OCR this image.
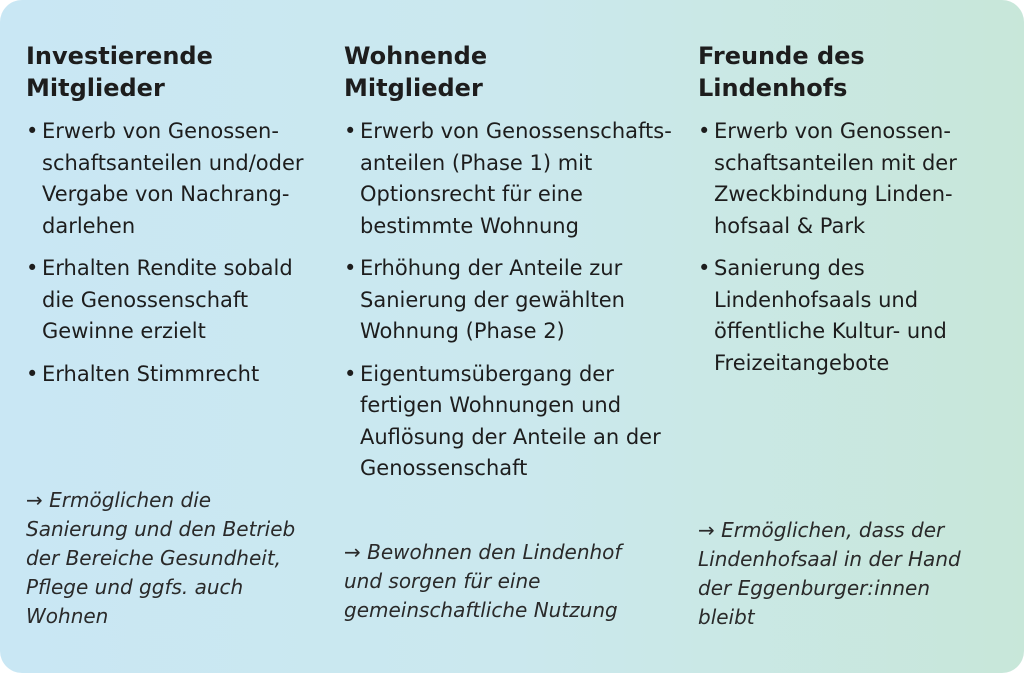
Investierende
Mitglieder
• Erwerb von Genossen-
schaftsanteilen und/oder
Vergabe von Nachrang-
darlehen
• Erhalten Rendite sobald
die Genossenschaft
Gewinne erzielt
• Erhalten Stimmrecht

→ Ermöglichen die
Sanierung und den Betrieb
der Bereiche Gesundheit,
Pflege und ggfs. auch
Wohnen

Wohnende
Mitglieder
• Erwerb von Genossenschafts-
anteilen (Phase 1) mit
Optionsrecht für eine
bestimmte Wohnung
• Erhöhung der Anteile zur
Sanierung der gewählten
Wohnung (Phase 2)
• Eigentumsübergang der
fertigen Wohnungen und
Auflösung der Anteile an der
Genossenschaft

→ Bewohnen den Lindenhof
und sorgen für eine
gemeinschaftliche Nutzung

Freunde des
Lindenhofs
• Erwerb von Genossen-
schaftsanteilen mit der
Zweckbindung Linden-
hofsaal & Park
• Sanierung des
Lindenhofsaals und
öffentliche Kultur- und
Freizeitangebote

→ Ermöglichen, dass der
Lindenhofsaal in der Hand
der Eggenburger:innen
bleibt
